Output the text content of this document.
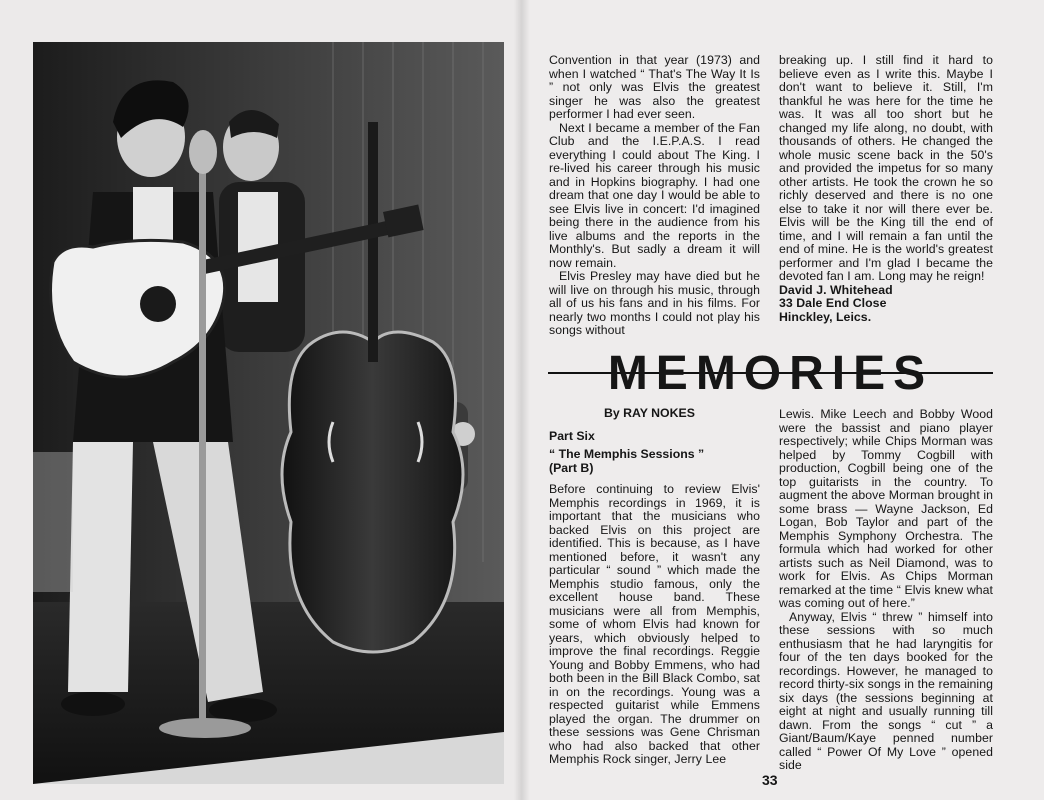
Convention in that year (1973) and when I watched “ That's The Way It Is ” not only was Elvis the greatest singer he was also the greatest performer I had ever seen.

Next I became a member of the Fan Club and the I.E.P.A.S. I read everything I could about The King. I re-lived his career through his music and in Hopkins biography. I had one dream that one day I would be able to see Elvis live in concert: I'd imagined being there in the audience from his live albums and the reports in the Monthly's. But sadly a dream it will now remain.

Elvis Presley may have died but he will live on through his music, through all of us his fans and in his films. For nearly two months I could not play his songs without

breaking up. I still find it hard to believe even as I write this. Maybe I don't want to believe it. Still, I'm thankful he was here for the time he was. It was all too short but he changed my life along, no doubt, with thousands of others. He changed the whole music scene back in the 50's and provided the impetus for so many other artists. He took the crown he so richly deserved and there is no one else to take it nor will there ever be. Elvis will be the King till the end of time, and I will remain a fan until the end of mine. He is the world's greatest performer and I'm glad I became the devoted fan I am. Long may he reign!

David J. Whitehead
33 Dale End Close
Hinckley, Leics.
MEMORIES
By RAY NOKES
Part Six
“ The Memphis Sessions ”
(Part B)

Before continuing to review Elvis' Memphis recordings in 1969, it is important that the musicians who backed Elvis on this project are identified. This is because, as I have mentioned before, it wasn't any particular “ sound ” which made the Memphis studio famous, only the excellent house band. These musicians were all from Memphis, some of whom Elvis had known for years, which obviously helped to improve the final recordings. Reggie Young and Bobby Emmens, who had both been in the Bill Black Combo, sat in on the recordings. Young was a respected guitarist while Emmens played the organ. The drummer on these sessions was Gene Chrisman who had also backed that other Memphis Rock singer, Jerry Lee

Lewis. Mike Leech and Bobby Wood were the bassist and piano player respectively; while Chips Morman was helped by Tommy Cogbill with production, Cogbill being one of the top guitarists in the country. To augment the above Morman brought in some brass — Wayne Jackson, Ed Logan, Bob Taylor and part of the Memphis Symphony Orchestra. The formula which had worked for other artists such as Neil Diamond, was to work for Elvis. As Chips Morman remarked at the time “ Elvis knew what was coming out of here.”

Anyway, Elvis “ threw ” himself into these sessions with so much enthusiasm that he had laryngitis for four of the ten days booked for the recordings. However, he managed to record thirty-six songs in the remaining six days (the sessions beginning at eight at night and usually running till dawn. From the songs “ cut ” a Giant/Baum/Kaye penned number called “ Power Of My Love ” opened side

33
